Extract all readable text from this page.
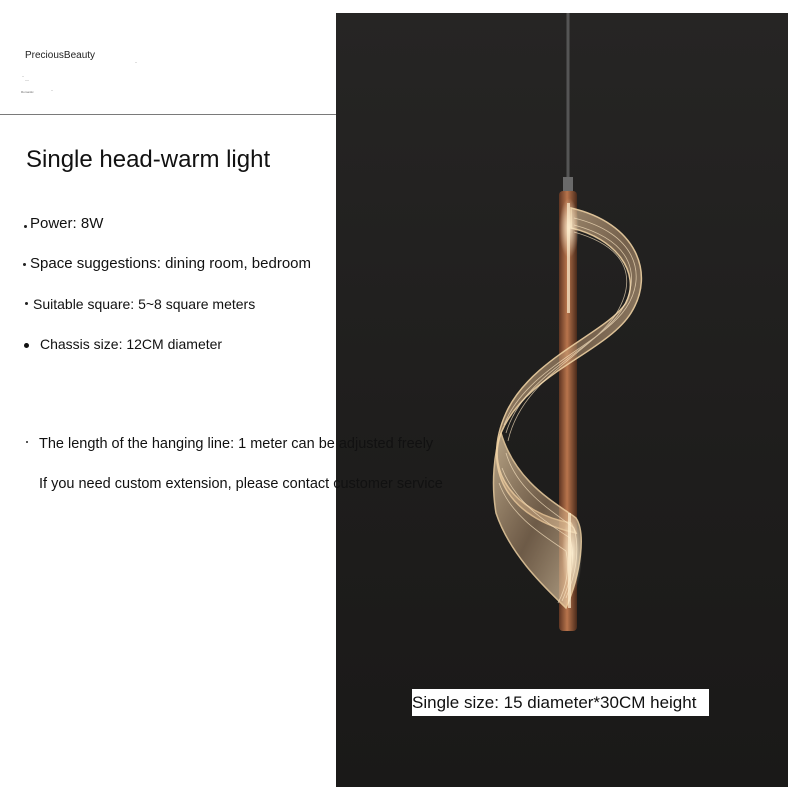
PreciousBeauty
·
·
··
Romantic	·
Single head-warm light
Power: 8W
Space suggestions: dining room, bedroom
Suitable square: 5~8 square meters
Chassis size: 12CM diameter
The length of the hanging line: 1 meter can be adjusted freely
If you need custom extension, please contact customer service
Single size: 15 diameter*30CM height
